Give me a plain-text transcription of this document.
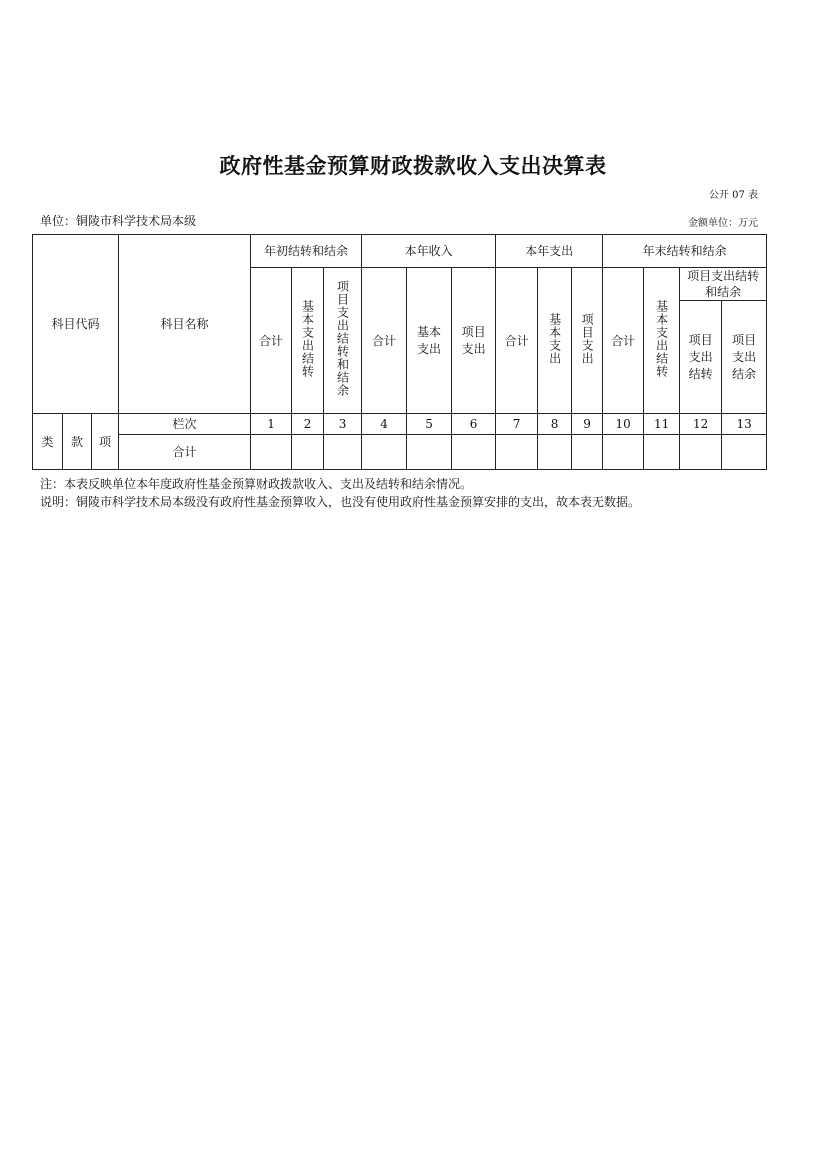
政府性基金预算财政拨款收入支出决算表
公开 07 表
单位：铜陵市科学技术局本级	金额单位：万元
科目代码			科目名称	年初结转和结余			本年收入			本年支出			年末结转和结余			
				合计	基本支出结转	项目支出结转和结余	合计	基本支出	项目支出	合计	基本支出	项目支出	合计	基本支出结转	项目支出结转和结余	
															项目支出结转	项目支出结余
类	款	项	栏次	1	2	3	4	5	6	7	8	9	10	11	12	13
			合计													
注：本表反映单位本年度政府性基金预算财政拨款收入、支出及结转和结余情况。
说明：铜陵市科学技术局本级没有政府性基金预算收入，也没有使用政府性基金预算安排的支出，故本表无数据。
